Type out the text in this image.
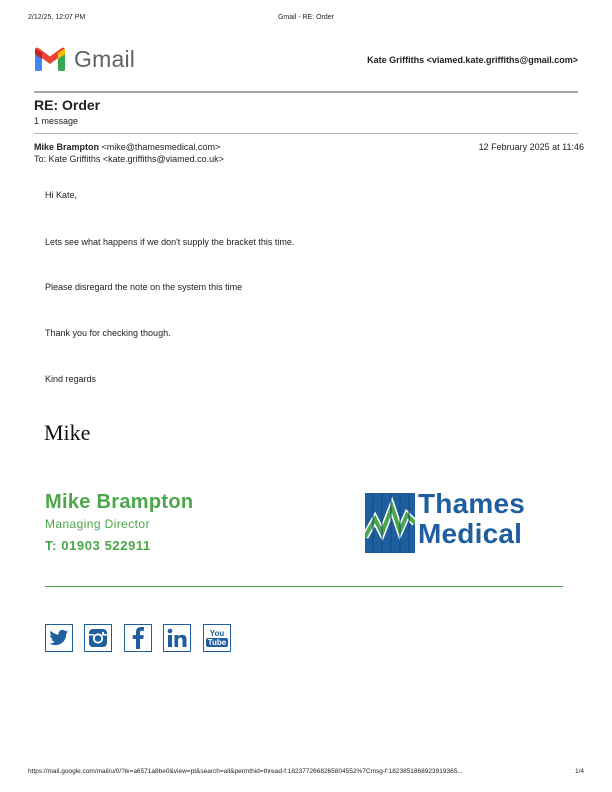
2/12/25, 12:07 PM	Gmail - RE: Order
Gmail	Kate Griffiths <viamed.kate.griffiths@gmail.com>
RE: Order
1 message
Mike Brampton <mike@thamesmedical.com>	12 February 2025 at 11:46
To: Kate Griffiths <kate.griffiths@viamed.co.uk>
Hi Kate,
Lets see what happens if we don't supply the bracket this time.
Please disregard the note on the system this time
Thank you for checking though.
Kind regards
Mike
Mike Brampton
Managing Director
T: 01903 522911
Thames
Medical
You
Tube
https://mail.google.com/mail/u/0/?ik=a6571a8be0&view=pt&search=all&permthid=thread-f:1823772668265804552%7Cmsg-f:1823851868923919365...	1/4
